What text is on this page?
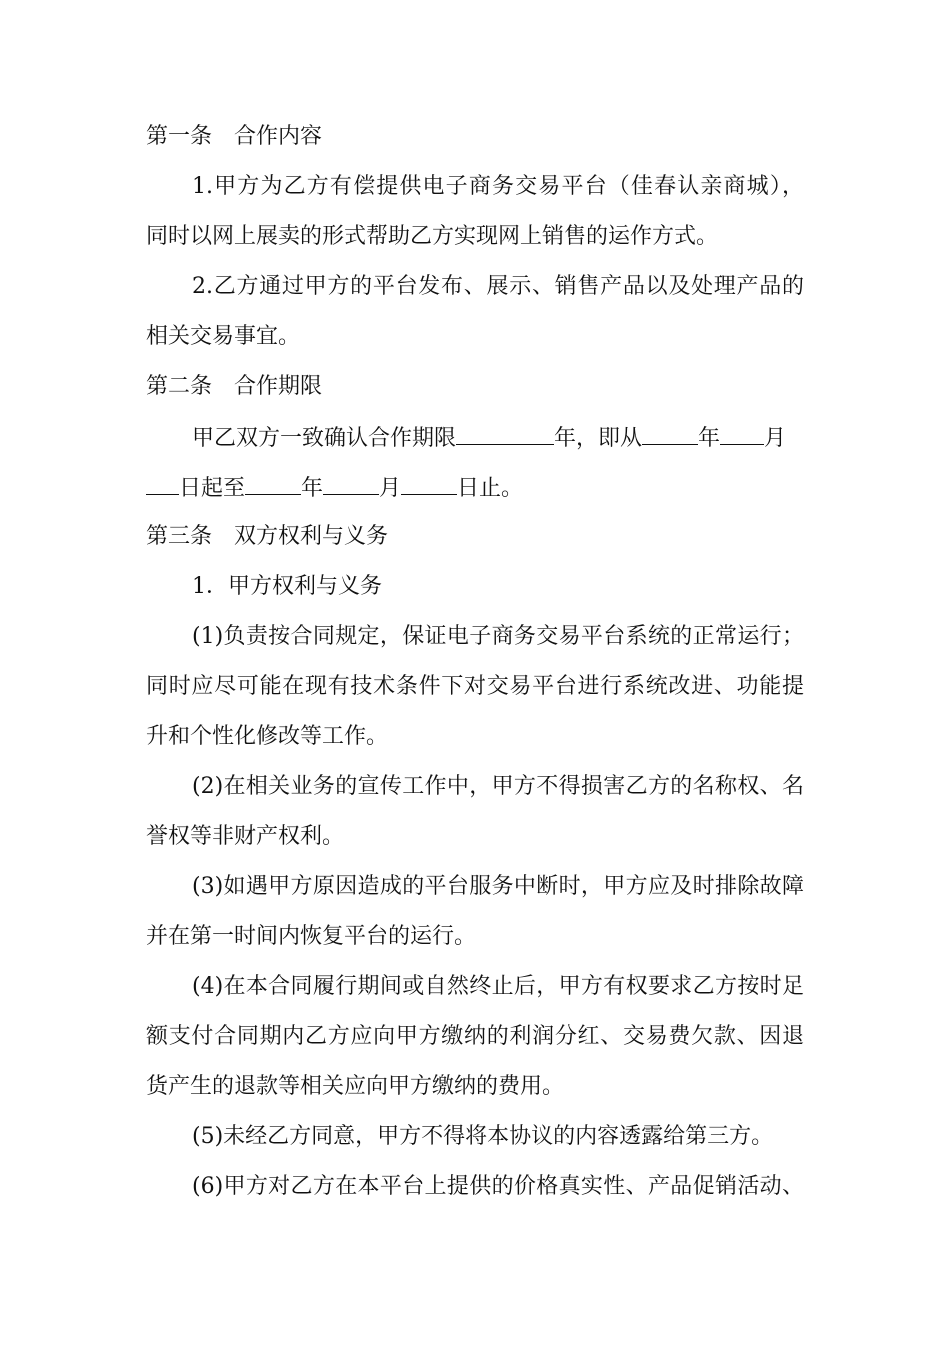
第一条　合作内容
1.甲方为乙方有偿提供电子商务交易平台（佳春认亲商城），
同时以网上展卖的形式帮助乙方实现网上销售的运作方式。
2.乙方通过甲方的平台发布、展示、销售产品以及处理产品的
相关交易事宜。
第二条　合作期限
甲乙双方一致确认合作期限	年，即从	年 月
日起至	年	月	日止。
第三条　双方权利与义务
1．甲方权利与义务
(1)负责按合同规定，保证电子商务交易平台系统的正常运行；
同时应尽可能在现有技术条件下对交易平台进行系统改进、功能提
升和个性化修改等工作。
(2)在相关业务的宣传工作中，甲方不得损害乙方的名称权、名
誉权等非财产权利。
(3)如遇甲方原因造成的平台服务中断时，甲方应及时排除故障
并在第一时间内恢复平台的运行。
(4)在本合同履行期间或自然终止后，甲方有权要求乙方按时足
额支付合同期内乙方应向甲方缴纳的利润分红、交易费欠款、因退
货产生的退款等相关应向甲方缴纳的费用。
(5)未经乙方同意，甲方不得将本协议的内容透露给第三方。
(6)甲方对乙方在本平台上提供的价格真实性、产品促销活动、
